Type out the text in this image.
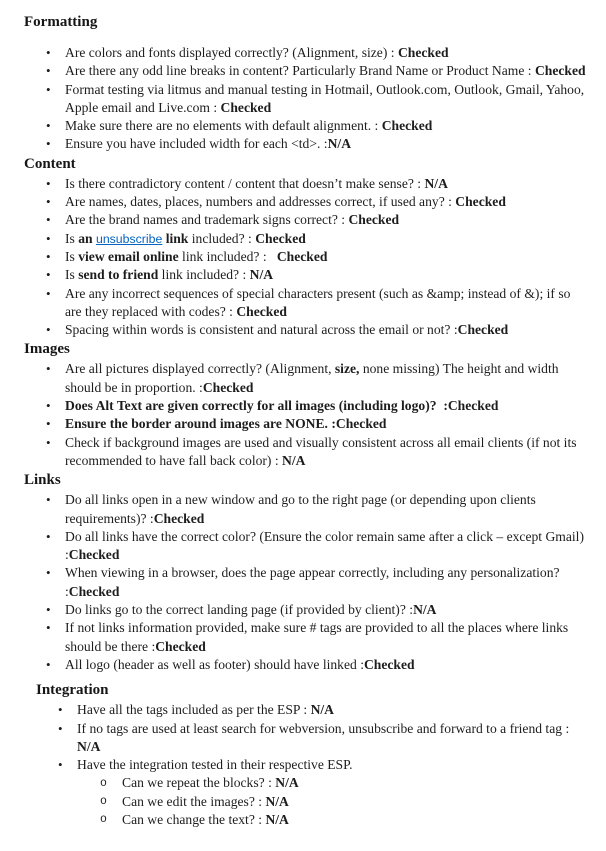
Formatting
• Are colors and fonts displayed correctly? (Alignment, size) : Checked
• Are there any odd line breaks in content? Particularly Brand Name or Product Name : Checked
• Format testing via litmus and manual testing in Hotmail, Outlook.com, Outlook, Gmail, Yahoo, Apple email and Live.com : Checked
• Make sure there are no elements with default alignment. : Checked
• Ensure you have included width for each <td>. :N/A
Content
• Is there contradictory content / content that doesn’t make sense? : N/A
• Are names, dates, places, numbers and addresses correct, if used any? : Checked
• Are the brand names and trademark signs correct? : Checked
• Is an unsubscribe link included? : Checked
• Is view email online link included? :   Checked
• Is send to friend link included? : N/A
• Are any incorrect sequences of special characters present (such as &amp; instead of &); if so are they replaced with codes? : Checked
• Spacing within words is consistent and natural across the email or not? :Checked
Images
• Are all pictures displayed correctly? (Alignment, size, none missing) The height and width should be in proportion. :Checked
• Does Alt Text are given correctly for all images (including logo)?  :Checked
• Ensure the border around images are NONE. :Checked
• Check if background images are used and visually consistent across all email clients (if not its recommended to have fall back color) : N/A
Links
• Do all links open in a new window and go to the right page (or depending upon clients requirements)? :Checked
• Do all links have the correct color? (Ensure the color remain same after a click – except Gmail) :Checked
• When viewing in a browser, does the page appear correctly, including any personalization? :Checked
• Do links go to the correct landing page (if provided by client)? :N/A
• If not links information provided, make sure # tags are provided to all the places where links should be there :Checked
• All logo (header as well as footer) should have linked :Checked
Integration
• Have all the tags included as per the ESP : N/A
• If no tags are used at least search for webversion, unsubscribe and forward to a friend tag : N/A
• Have the integration tested in their respective ESP.
o Can we repeat the blocks? : N/A
o Can we edit the images? : N/A
o Can we change the text? : N/A
